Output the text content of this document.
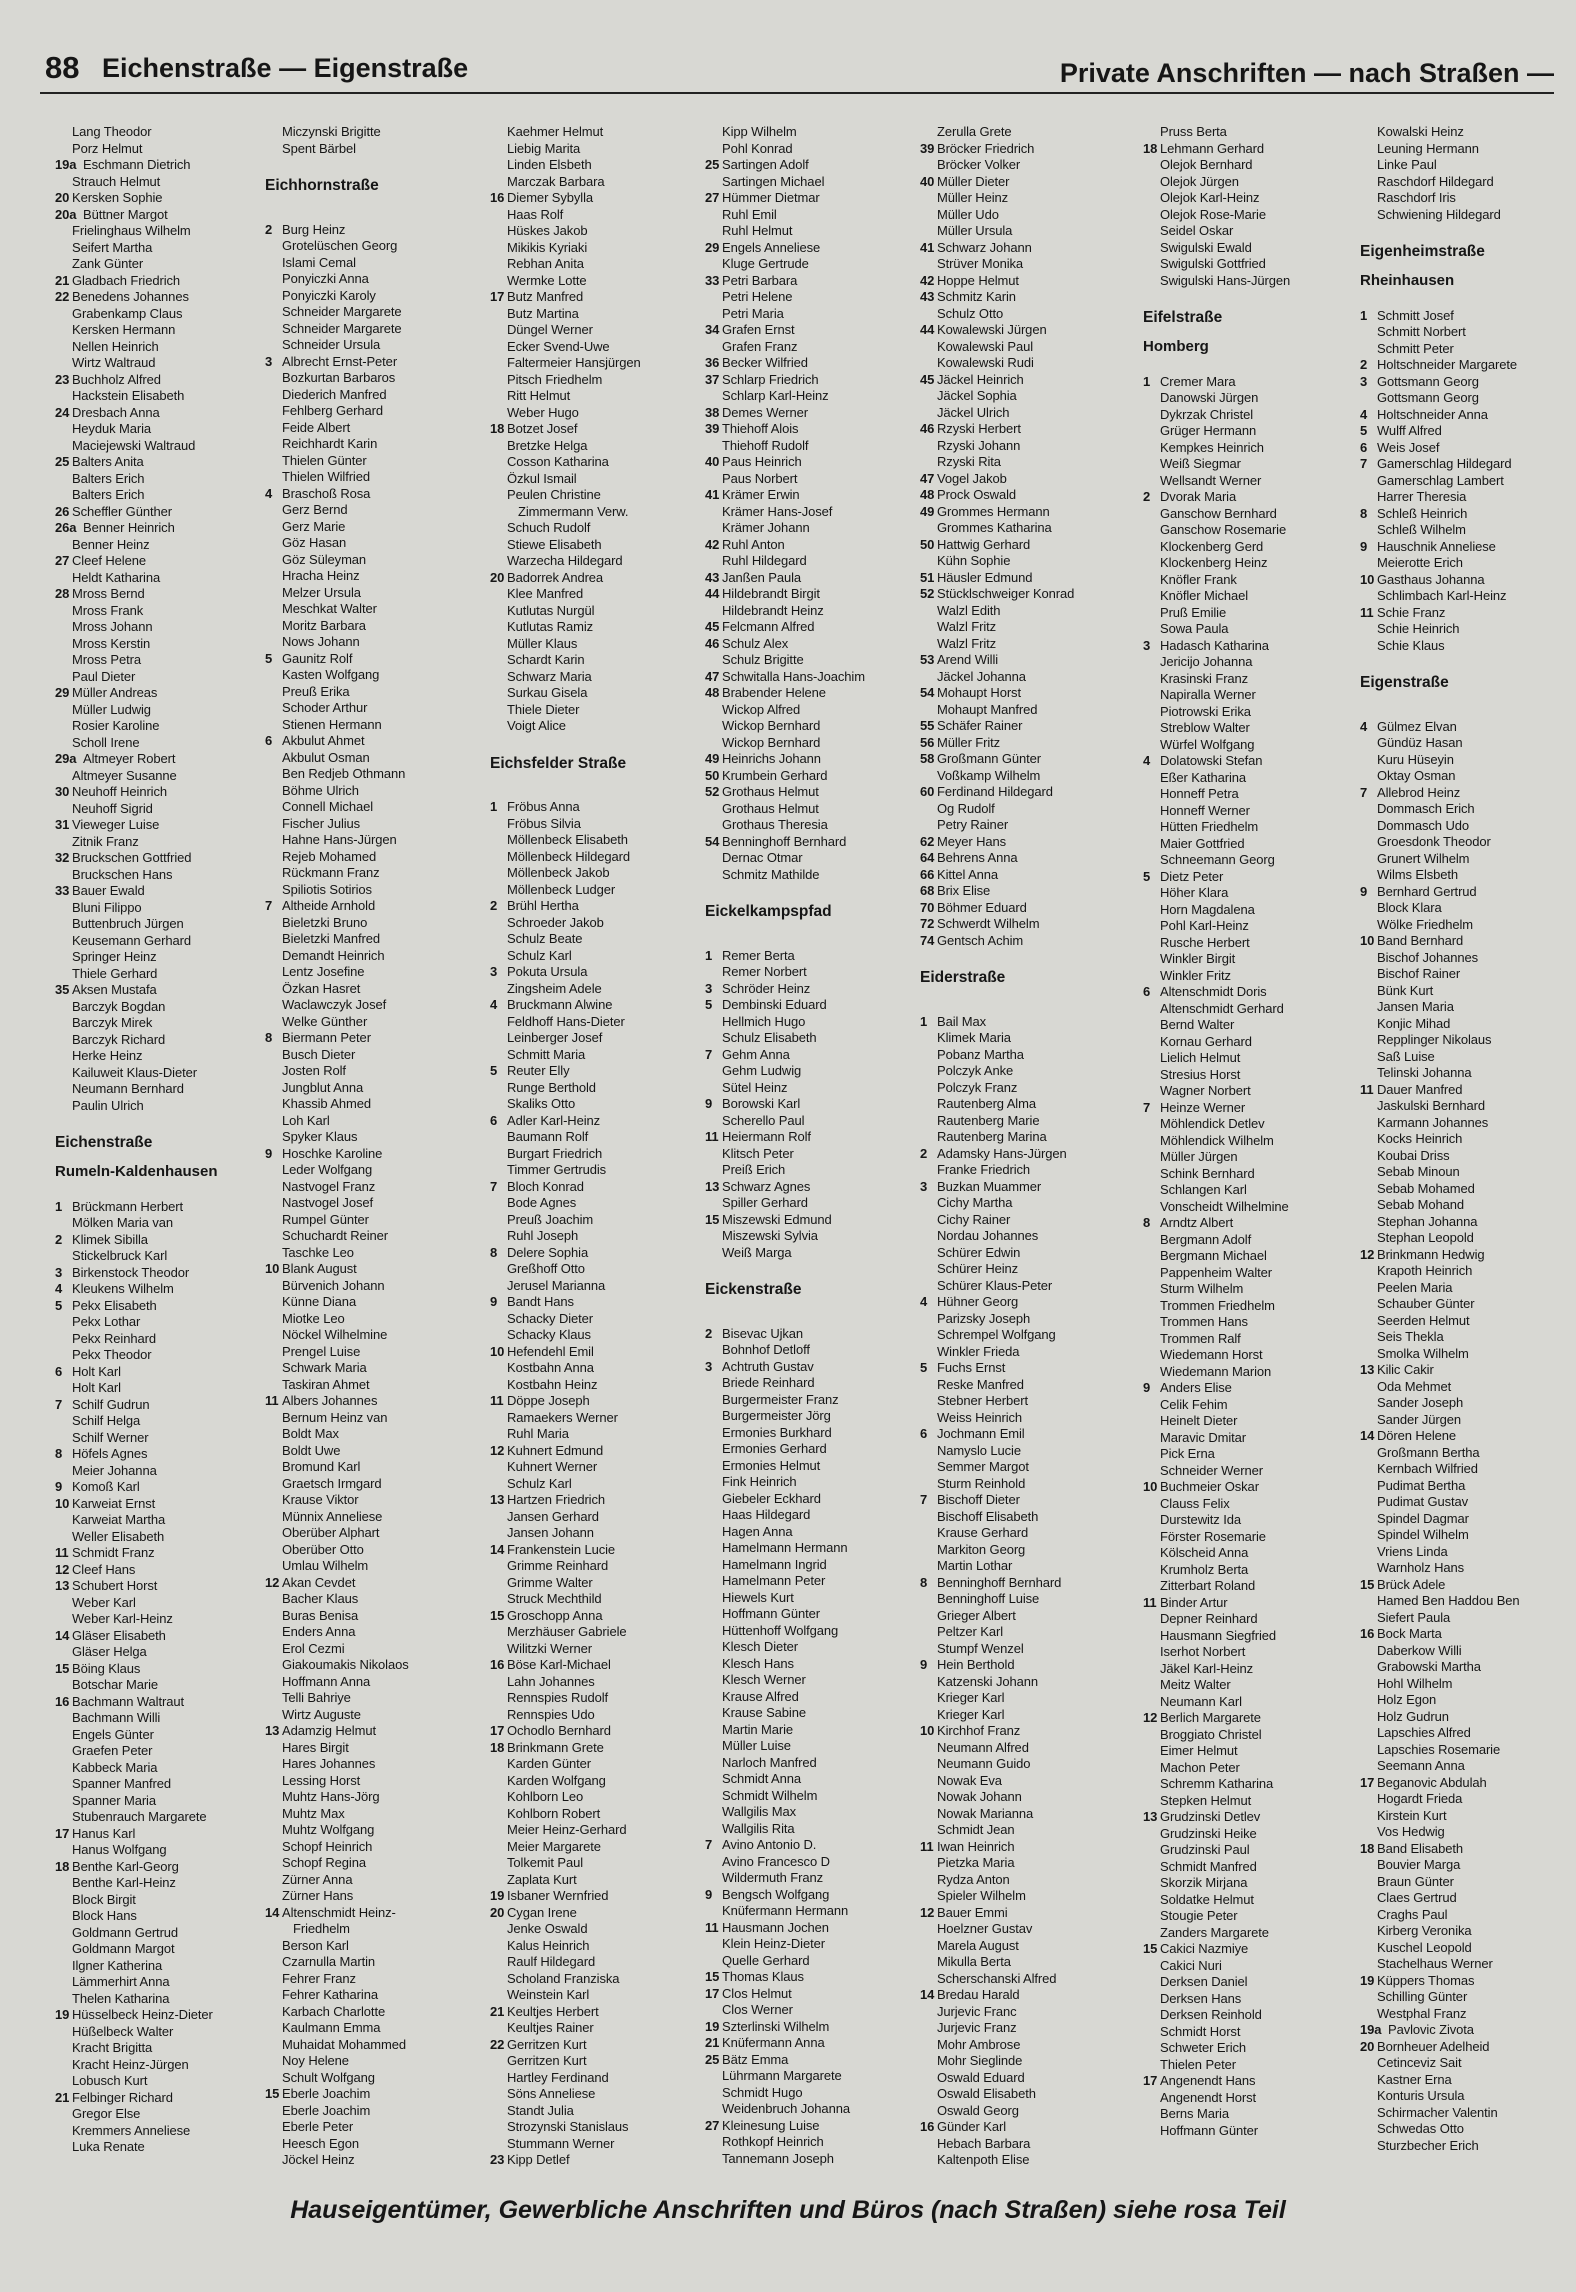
88 Eichenstraße — Eigenstraße	Private Anschriften — nach Straßen —
Lang Theodor
Porz Helmut
19a Eschmann Dietrich
Strauch Helmut
20 Kersken Sophie
20a Büttner Margot
Frielinghaus Wilhelm
Seifert Martha
Zank Günter
21 Gladbach Friedrich
22 Benedens Johannes
Grabenkamp Claus
Kersken Hermann
Nellen Heinrich
Wirtz Waltraud
23 Buchholz Alfred
Hackstein Elisabeth
24 Dresbach Anna
Heyduk Maria
Maciejewski Waltraud
25 Balters Anita
Balters Erich
Balters Erich
26 Scheffler Günther
26a Benner Heinrich
Benner Heinz
27 Cleef Helene
Heldt Katharina
28 Mross Bernd
Mross Frank
Mross Johann
Mross Kerstin
Mross Petra
Paul Dieter
29 Müller Andreas
Müller Ludwig
Rosier Karoline
Scholl Irene
29a Altmeyer Robert
Altmeyer Susanne
30 Neuhoff Heinrich
Neuhoff Sigrid
31 Vieweger Luise
Zitnik Franz
32 Bruckschen Gottfried
Bruckschen Hans
33 Bauer Ewald
Bluni Filippo
Buttenbruch Jürgen
Keusemann Gerhard
Springer Heinz
Thiele Gerhard
35 Aksen Mustafa
Barczyk Bogdan
Barczyk Mirek
Barczyk Richard
Herke Heinz
Kailuweit Klaus-Dieter
Neumann Bernhard
Paulin Ulrich
Eichenstraße
Rumeln-Kaldenhausen
1 Brückmann Herbert
Mölken Maria van
2 Klimek Sibilla
Stickelbruck Karl
3 Birkenstock Theodor
4 Kleukens Wilhelm
5 Pekx Elisabeth
Pekx Lothar
Pekx Reinhard
Pekx Theodor
6 Holt Karl
Holt Karl
7 Schilf Gudrun
Schilf Helga
Schilf Werner
8 Höfels Agnes
Meier Johanna
9 Komoß Karl
10 Karweiat Ernst
Karweiat Martha
Weller Elisabeth
11 Schmidt Franz
12 Cleef Hans
13 Schubert Horst
Weber Karl
Weber Karl-Heinz
14 Gläser Elisabeth
Gläser Helga
15 Böing Klaus
Botschar Marie
16 Bachmann Waltraut
Bachmann Willi
Engels Günter
Graefen Peter
Kabbeck Maria
Spanner Manfred
Spanner Maria
Stubenrauch Margarete
17 Hanus Karl
Hanus Wolfgang
18 Benthe Karl-Georg
Benthe Karl-Heinz
Block Birgit
Block Hans
Goldmann Gertrud
Goldmann Margot
Ilgner Katherina
Lämmerhirt Anna
Thelen Katharina
19 Hüsselbeck Heinz-Dieter
Hüßelbeck Walter
Kracht Brigitta
Kracht Heinz-Jürgen
Lobusch Kurt
21 Felbinger Richard
Gregor Else
Kremmers Anneliese
Luka Renate
Miczynski Brigitte
Spent Bärbel
Eichhornstraße
2 Burg Heinz
Grotelüschen Georg
Islami Cemal
Ponyiczki Anna
Ponyiczki Karoly
Schneider Margarete
Schneider Margarete
Schneider Ursula
3 Albrecht Ernst-Peter
Bozkurtan Barbaros
Diederich Manfred
Fehlberg Gerhard
Feide Albert
Reichhardt Karin
Thielen Günter
Thielen Wilfried
4 Braschoß Rosa
Gerz Bernd
Gerz Marie
Göz Hasan
Göz Süleyman
Hracha Heinz
Melzer Ursula
Meschkat Walter
Moritz Barbara
Nows Johann
5 Gaunitz Rolf
Kasten Wolfgang
Preuß Erika
Schoder Arthur
Stienen Hermann
6 Akbulut Ahmet
Akbulut Osman
Ben Redjeb Othmann
Böhme Ulrich
Connell Michael
Fischer Julius
Hahne Hans-Jürgen
Rejeb Mohamed
Rückmann Franz
Spiliotis Sotirios
7 Altheide Arnhold
Bieletzki Bruno
Bieletzki Manfred
Demandt Heinrich
Lentz Josefine
Özkan Hasret
Waclawczyk Josef
Welke Günther
8 Biermann Peter
Busch Dieter
Josten Rolf
Jungblut Anna
Khassib Ahmed
Loh Karl
Spyker Klaus
9 Hoschke Karoline
Leder Wolfgang
Nastvogel Franz
Nastvogel Josef
Rumpel Günter
Schuchardt Reiner
Taschke Leo
10 Blank August
Bürvenich Johann
Künne Diana
Miotke Leo
Nöckel Wilhelmine
Prengel Luise
Schwark Maria
Taskiran Ahmet
11 Albers Johannes
Bernum Heinz van
Boldt Max
Boldt Uwe
Bromund Karl
Graetsch Irmgard
Krause Viktor
Münnix Anneliese
Oberüber Alphart
Oberüber Otto
Umlau Wilhelm
12 Akan Cevdet
Bacher Klaus
Buras Benisa
Enders Anna
Erol Cezmi
Giakoumakis Nikolaos
Hoffmann Anna
Telli Bahriye
Wirtz Auguste
13 Adamzig Helmut
Hares Birgit
Hares Johannes
Lessing Horst
Muhtz Hans-Jörg
Muhtz Max
Muhtz Wolfgang
Schopf Heinrich
Schopf Regina
Zürner Anna
Zürner Hans
14 Altenschmidt Heinz-
Friedhelm
Berson Karl
Czarnulla Martin
Fehrer Franz
Fehrer Katharina
Karbach Charlotte
Kaulmann Emma
Muhaidat Mohammed
Noy Helene
Schult Wolfgang
15 Eberle Joachim
Eberle Joachim
Eberle Peter
Heesch Egon
Jöckel Heinz
Kaehmer Helmut
Liebig Marita
Linden Elsbeth
Marczak Barbara
16 Diemer Sybylla
Haas Rolf
Hüskes Jakob
Mikikis Kyriaki
Rebhan Anita
Wermke Lotte
17 Butz Manfred
Butz Martina
Düngel Werner
Ecker Svend-Uwe
Faltermeier Hansjürgen
Pitsch Friedhelm
Ritt Helmut
Weber Hugo
18 Botzet Josef
Bretzke Helga
Cosson Katharina
Özkul Ismail
Peulen Christine
Zimmermann Verw.
Schuch Rudolf
Stiewe Elisabeth
Warzecha Hildegard
20 Badorrek Andrea
Klee Manfred
Kutlutas Nurgül
Kutlutas Ramiz
Müller Klaus
Schardt Karin
Schwarz Maria
Surkau Gisela
Thiele Dieter
Voigt Alice
Eichsfelder Straße
1 Fröbus Anna
Fröbus Silvia
Möllenbeck Elisabeth
Möllenbeck Hildegard
Möllenbeck Jakob
Möllenbeck Ludger
2 Brühl Hertha
Schroeder Jakob
Schulz Beate
Schulz Karl
3 Pokuta Ursula
Zingsheim Adele
4 Bruckmann Alwine
Feldhoff Hans-Dieter
Leinberger Josef
Schmitt Maria
5 Reuter Elly
Runge Berthold
Skaliks Otto
6 Adler Karl-Heinz
Baumann Rolf
Burgart Friedrich
Timmer Gertrudis
7 Bloch Konrad
Bode Agnes
Preuß Joachim
Ruhl Joseph
8 Delere Sophia
Greßhoff Otto
Jerusel Marianna
9 Bandt Hans
Schacky Dieter
Schacky Klaus
10 Hefendehl Emil
Kostbahn Anna
Kostbahn Heinz
11 Döppe Joseph
Ramaekers Werner
Ruhl Maria
12 Kuhnert Edmund
Kuhnert Werner
Schulz Karl
13 Hartzen Friedrich
Jansen Gerhard
Jansen Johann
14 Frankenstein Lucie
Grimme Reinhard
Grimme Walter
Struck Mechthild
15 Groschopp Anna
Merzhäuser Gabriele
Wilitzki Werner
16 Böse Karl-Michael
Lahn Johannes
Rennspies Rudolf
Rennspies Udo
17 Ochodlo Bernhard
18 Brinkmann Grete
Karden Günter
Karden Wolfgang
Kohlborn Leo
Kohlborn Robert
Meier Heinz-Gerhard
Meier Margarete
Tolkemit Paul
Zaplata Kurt
19 Isbaner Wernfried
20 Cygan Irene
Jenke Oswald
Kalus Heinrich
Raulf Hildegard
Scholand Franziska
Weinstein Karl
21 Keultjes Herbert
Keultjes Rainer
22 Gerritzen Kurt
Gerritzen Kurt
Hartley Ferdinand
Söns Anneliese
Standt Julia
Strozynski Stanislaus
Stummann Werner
23 Kipp Detlef
Kipp Wilhelm
Pohl Konrad
25 Sartingen Adolf
Sartingen Michael
27 Hümmer Dietmar
Ruhl Emil
Ruhl Helmut
29 Engels Anneliese
Kluge Gertrude
33 Petri Barbara
Petri Helene
Petri Maria
34 Grafen Ernst
Grafen Franz
36 Becker Wilfried
37 Schlarp Friedrich
Schlarp Karl-Heinz
38 Demes Werner
39 Thiehoff Alois
Thiehoff Rudolf
40 Paus Heinrich
Paus Norbert
41 Krämer Erwin
Krämer Hans-Josef
Krämer Johann
42 Ruhl Anton
Ruhl Hildegard
43 Janßen Paula
44 Hildebrandt Birgit
Hildebrandt Heinz
45 Felcmann Alfred
46 Schulz Alex
Schulz Brigitte
47 Schwitalla Hans-Joachim
48 Brabender Helene
Wickop Alfred
Wickop Bernhard
Wickop Bernhard
49 Heinrichs Johann
50 Krumbein Gerhard
52 Grothaus Helmut
Grothaus Helmut
Grothaus Theresia
54 Benninghoff Bernhard
Dernac Otmar
Schmitz Mathilde
Eickelkampspfad
1 Remer Berta
Remer Norbert
3 Schröder Heinz
5 Dembinski Eduard
Hellmich Hugo
Schulz Elisabeth
7 Gehm Anna
Gehm Ludwig
Sütel Heinz
9 Borowski Karl
Scherello Paul
11 Heiermann Rolf
Klitsch Peter
Preiß Erich
13 Schwarz Agnes
Spiller Gerhard
15 Miszewski Edmund
Miszewski Sylvia
Weiß Marga
Eickenstraße
2 Bisevac Ujkan
Bohnhof Detloff
3 Achtruth Gustav
Briede Reinhard
Burgermeister Franz
Burgermeister Jörg
Ermonies Burkhard
Ermonies Gerhard
Ermonies Helmut
Fink Heinrich
Giebeler Eckhard
Haas Hildegard
Hagen Anna
Hamelmann Hermann
Hamelmann Ingrid
Hamelmann Peter
Hiewels Kurt
Hoffmann Günter
Hüttenhoff Wolfgang
Klesch Dieter
Klesch Hans
Klesch Werner
Krause Alfred
Krause Sabine
Martin Marie
Müller Luise
Narloch Manfred
Schmidt Anna
Schmidt Wilhelm
Wallgilis Max
Wallgilis Rita
7 Avino Antonio D.
Avino Francesco D
Wildermuth Franz
9 Bengsch Wolfgang
Knüfermann Hermann
11 Hausmann Jochen
Klein Heinz-Dieter
Quelle Gerhard
15 Thomas Klaus
17 Clos Helmut
Clos Werner
19 Szterlinski Wilhelm
21 Knüfermann Anna
25 Bätz Emma
Lührmann Margarete
Schmidt Hugo
Weidenbruch Johanna
27 Kleinesung Luise
Rothkopf Heinrich
Tannemann Joseph
Zerulla Grete
39 Bröcker Friedrich
Bröcker Volker
40 Müller Dieter
Müller Heinz
Müller Udo
Müller Ursula
41 Schwarz Johann
Strüver Monika
42 Hoppe Helmut
43 Schmitz Karin
Schulz Otto
44 Kowalewski Jürgen
Kowalewski Paul
Kowalewski Rudi
45 Jäckel Heinrich
Jäckel Sophia
Jäckel Ulrich
46 Rzyski Herbert
Rzyski Johann
Rzyski Rita
47 Vogel Jakob
48 Prock Oswald
49 Grommes Hermann
Grommes Katharina
50 Hattwig Gerhard
Kühn Sophie
51 Häusler Edmund
52 Stücklschweiger Konrad
Walzl Edith
Walzl Fritz
Walzl Fritz
53 Arend Willi
Jäckel Johanna
54 Mohaupt Horst
Mohaupt Manfred
55 Schäfer Rainer
56 Müller Fritz
58 Großmann Günter
Voßkamp Wilhelm
60 Ferdinand Hildegard
Og Rudolf
Petry Rainer
62 Meyer Hans
64 Behrens Anna
66 Kittel Anna
68 Brix Elise
70 Böhmer Eduard
72 Schwerdt Wilhelm
74 Gentsch Achim
Eiderstraße
1 Bail Max
Klimek Maria
Pobanz Martha
Polczyk Anke
Polczyk Franz
Rautenberg Alma
Rautenberg Marie
Rautenberg Marina
2 Adamsky Hans-Jürgen
Franke Friedrich
3 Buzkan Muammer
Cichy Martha
Cichy Rainer
Nordau Johannes
Schürer Edwin
Schürer Heinz
Schürer Klaus-Peter
4 Hühner Georg
Parizsky Joseph
Schrempel Wolfgang
Winkler Frieda
5 Fuchs Ernst
Reske Manfred
Stebner Herbert
Weiss Heinrich
6 Jochmann Emil
Namyslo Lucie
Semmer Margot
Sturm Reinhold
7 Bischoff Dieter
Bischoff Elisabeth
Krause Gerhard
Markiton Georg
Martin Lothar
8 Benninghoff Bernhard
Benninghoff Luise
Grieger Albert
Peltzer Karl
Stumpf Wenzel
9 Hein Berthold
Katzenski Johann
Krieger Karl
Krieger Karl
10 Kirchhof Franz
Neumann Alfred
Neumann Guido
Nowak Eva
Nowak Johann
Nowak Marianna
Schmidt Jean
11 Iwan Heinrich
Pietzka Maria
Rydza Anton
Spieler Wilhelm
12 Bauer Emmi
Hoelzner Gustav
Marela August
Mikulla Berta
Scherschanski Alfred
14 Bredau Harald
Jurjevic Franc
Jurjevic Franz
Mohr Ambrose
Mohr Sieglinde
Oswald Eduard
Oswald Elisabeth
Oswald Georg
16 Günder Karl
Hebach Barbara
Kaltenpoth Elise
Pruss Berta
18 Lehmann Gerhard
Olejok Bernhard
Olejok Jürgen
Olejok Karl-Heinz
Olejok Rose-Marie
Seidel Oskar
Swigulski Ewald
Swigulski Gottfried
Swigulski Hans-Jürgen
Eifelstraße
Homberg
1 Cremer Mara
Danowski Jürgen
Dykrzak Christel
Grüger Hermann
Kempkes Heinrich
Weiß Siegmar
Wellsandt Werner
2 Dvorak Maria
Ganschow Bernhard
Ganschow Rosemarie
Klockenberg Gerd
Klockenberg Heinz
Knöfler Frank
Knöfler Michael
Pruß Emilie
Sowa Paula
3 Hadasch Katharina
Jericijo Johanna
Krasinski Franz
Napiralla Werner
Piotrowski Erika
Streblow Walter
Würfel Wolfgang
4 Dolatowski Stefan
Eßer Katharina
Honneff Petra
Honneff Werner
Hütten Friedhelm
Maier Gottfried
Schneemann Georg
5 Dietz Peter
Höher Klara
Horn Magdalena
Pohl Karl-Heinz
Rusche Herbert
Winkler Birgit
Winkler Fritz
6 Altenschmidt Doris
Altenschmidt Gerhard
Bernd Walter
Kornau Gerhard
Lielich Helmut
Stresius Horst
Wagner Norbert
7 Heinze Werner
Möhlendick Detlev
Möhlendick Wilhelm
Müller Jürgen
Schink Bernhard
Schlangen Karl
Vonscheidt Wilhelmine
8 Arndtz Albert
Bergmann Adolf
Bergmann Michael
Pappenheim Walter
Sturm Wilhelm
Trommen Friedhelm
Trommen Hans
Trommen Ralf
Wiedemann Horst
Wiedemann Marion
9 Anders Elise
Celik Fehim
Heinelt Dieter
Maravic Dmitar
Pick Erna
Schneider Werner
10 Buchmeier Oskar
Clauss Felix
Durstewitz Ida
Förster Rosemarie
Kölscheid Anna
Krumholz Berta
Zitterbart Roland
11 Binder Artur
Depner Reinhard
Hausmann Siegfried
Iserhot Norbert
Jäkel Karl-Heinz
Meitz Walter
Neumann Karl
12 Berlich Margarete
Broggiato Christel
Eimer Helmut
Machon Peter
Schremm Katharina
Stepken Helmut
13 Grudzinski Detlev
Grudzinski Heike
Grudzinski Paul
Schmidt Manfred
Skorzik Mirjana
Soldatke Helmut
Stougie Peter
Zanders Margarete
15 Cakici Nazmiye
Cakici Nuri
Derksen Daniel
Derksen Hans
Derksen Reinhold
Schmidt Horst
Schweter Erich
Thielen Peter
17 Angenendt Hans
Angenendt Horst
Berns Maria
Hoffmann Günter
Kowalski Heinz
Leuning Hermann
Linke Paul
Raschdorf Hildegard
Raschdorf Iris
Schwiening Hildegard
Eigenheimstraße
Rheinhausen
1 Schmitt Josef
Schmitt Norbert
Schmitt Peter
2 Holtschneider Margarete
3 Gottsmann Georg
Gottsmann Georg
4 Holtschneider Anna
5 Wulff Alfred
6 Weis Josef
7 Gamerschlag Hildegard
Gamerschlag Lambert
Harrer Theresia
8 Schleß Heinrich
Schleß Wilhelm
9 Hauschnik Anneliese
Meierotte Erich
10 Gasthaus Johanna
Schlimbach Karl-Heinz
11 Schie Franz
Schie Heinrich
Schie Klaus
Eigenstraße
4 Gülmez Elvan
Gündüz Hasan
Kuru Hüseyin
Oktay Osman
7 Allebrod Heinz
Dommasch Erich
Dommasch Udo
Groesdonk Theodor
Grunert Wilhelm
Wilms Elsbeth
9 Bernhard Gertrud
Block Klara
Wölke Friedhelm
10 Band Bernhard
Bischof Johannes
Bischof Rainer
Bünk Kurt
Jansen Maria
Konjic Mihad
Repplinger Nikolaus
Saß Luise
Telinski Johanna
11 Dauer Manfred
Jaskulski Bernhard
Karmann Johannes
Kocks Heinrich
Koubai Driss
Sebab Minoun
Sebab Mohamed
Sebab Mohand
Stephan Johanna
Stephan Leopold
12 Brinkmann Hedwig
Krapoth Heinrich
Peelen Maria
Schauber Günter
Seerden Helmut
Seis Thekla
Smolka Wilhelm
13 Kilic Cakir
Oda Mehmet
Sander Joseph
Sander Jürgen
14 Dören Helene
Großmann Bertha
Kernbach Wilfried
Pudimat Bertha
Pudimat Gustav
Spindel Dagmar
Spindel Wilhelm
Vriens Linda
Warnholz Hans
15 Brück Adele
Hamed Ben Haddou Ben
Siefert Paula
16 Bock Marta
Daberkow Willi
Grabowski Martha
Hohl Wilhelm
Holz Egon
Holz Gudrun
Lapschies Alfred
Lapschies Rosemarie
Seemann Anna
17 Beganovic Abdulah
Hogardt Frieda
Kirstein Kurt
Vos Hedwig
18 Band Elisabeth
Bouvier Marga
Braun Günter
Claes Gertrud
Craghs Paul
Kirberg Veronika
Kuschel Leopold
Stachelhaus Werner
19 Küppers Thomas
Schilling Günter
Westphal Franz
19a Pavlovic Zivota
20 Bornheuer Adelheid
Cetinceviz Sait
Kastner Erna
Konturis Ursula
Schirmacher Valentin
Schwedas Otto
Sturzbecher Erich
Hauseigentümer, Gewerbliche Anschriften und Büros (nach Straßen) siehe rosa Teil
